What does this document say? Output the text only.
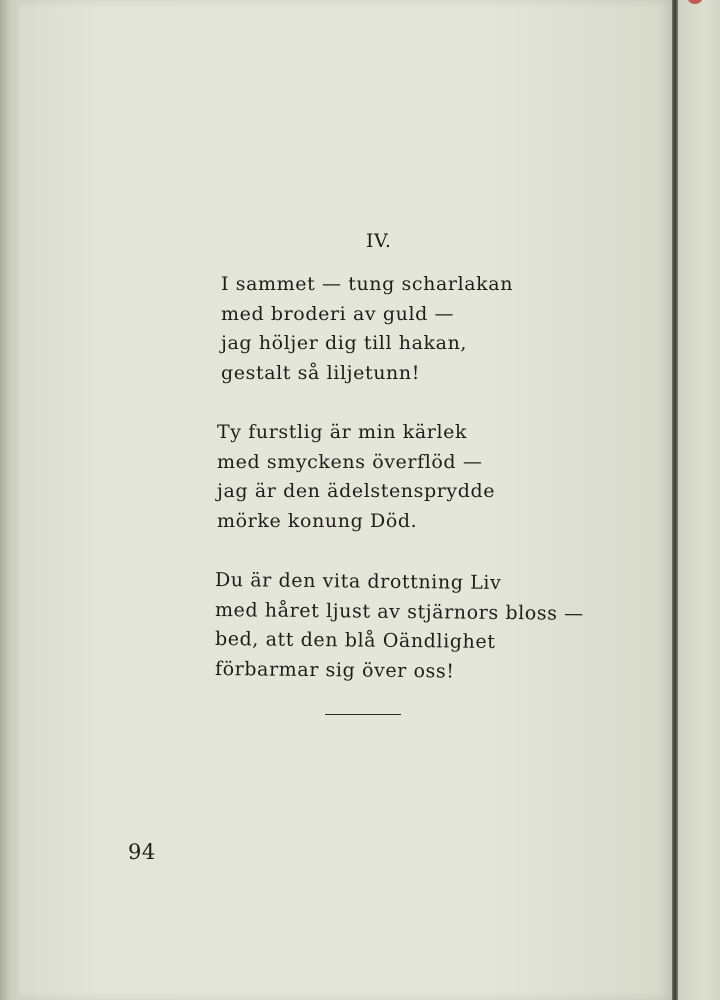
IV.

I sammet — tung scharlakan
med broderi av guld —
jag höljer dig till hakan,
gestalt så liljetunn!

Ty furstlig är min kärlek
med smyckens överflöd —
jag är den ädelstensprydde
mörke konung Död.

Du är den vita drottning Liv
med håret ljust av stjärnors bloss —
bed, att den blå Oändlighet
förbarmar sig över oss!

94
